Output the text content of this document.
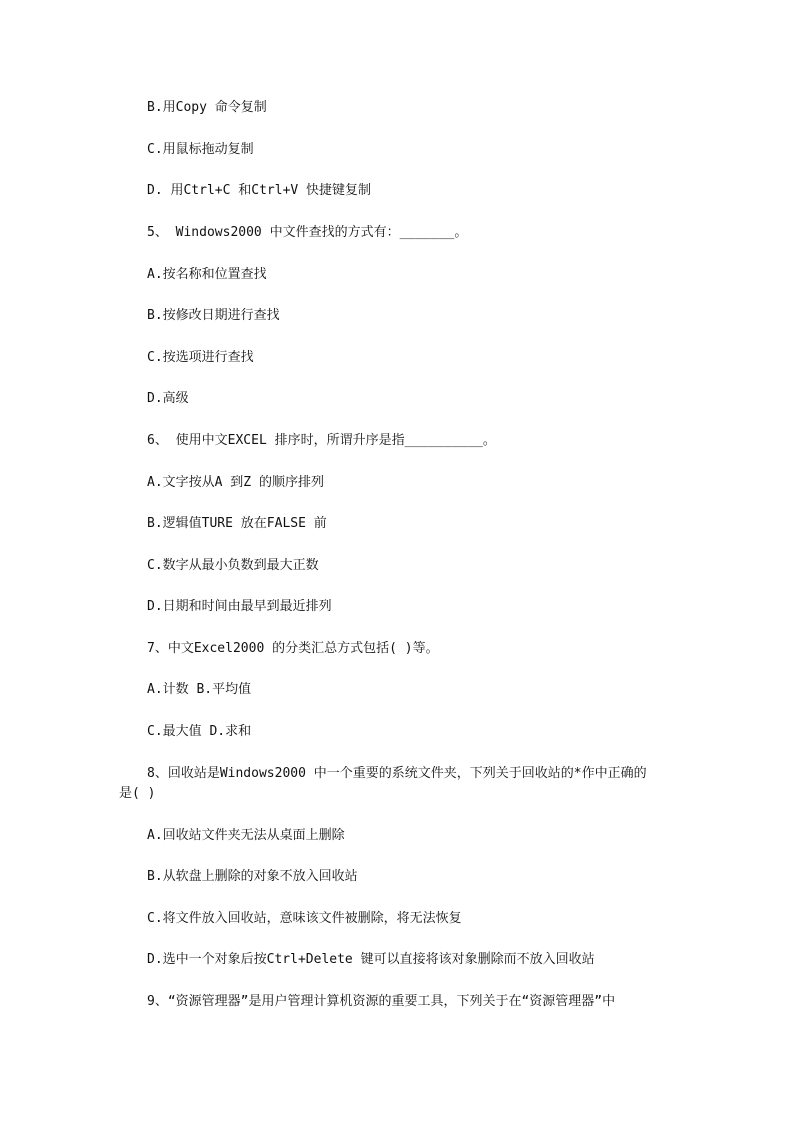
B.用Copy 命令复制
C.用鼠标拖动复制
D. 用Ctrl+C 和Ctrl+V 快捷键复制
5、 Windows2000 中文件查找的方式有：_______。
A.按名称和位置查找
B.按修改日期进行查找
C.按选项进行查找
D.高级
6、 使用中文EXCEL 排序时，所谓升序是指__________。
A.文字按从A 到Z 的顺序排列
B.逻辑值TURE 放在FALSE 前
C.数字从最小负数到最大正数
D.日期和时间由最早到最近排列
7、中文Excel2000 的分类汇总方式包括( )等。
A.计数 B.平均值
C.最大值 D.求和
8、回收站是Windows2000 中一个重要的系统文件夹，下列关于回收站的*作中正确的
是( )
A.回收站文件夹无法从桌面上删除
B.从软盘上删除的对象不放入回收站
C.将文件放入回收站，意味该文件被删除，将无法恢复
D.选中一个对象后按Ctrl+Delete 键可以直接将该对象删除而不放入回收站
9、“资源管理器”是用户管理计算机资源的重要工具，下列关于在“资源管理器”中
